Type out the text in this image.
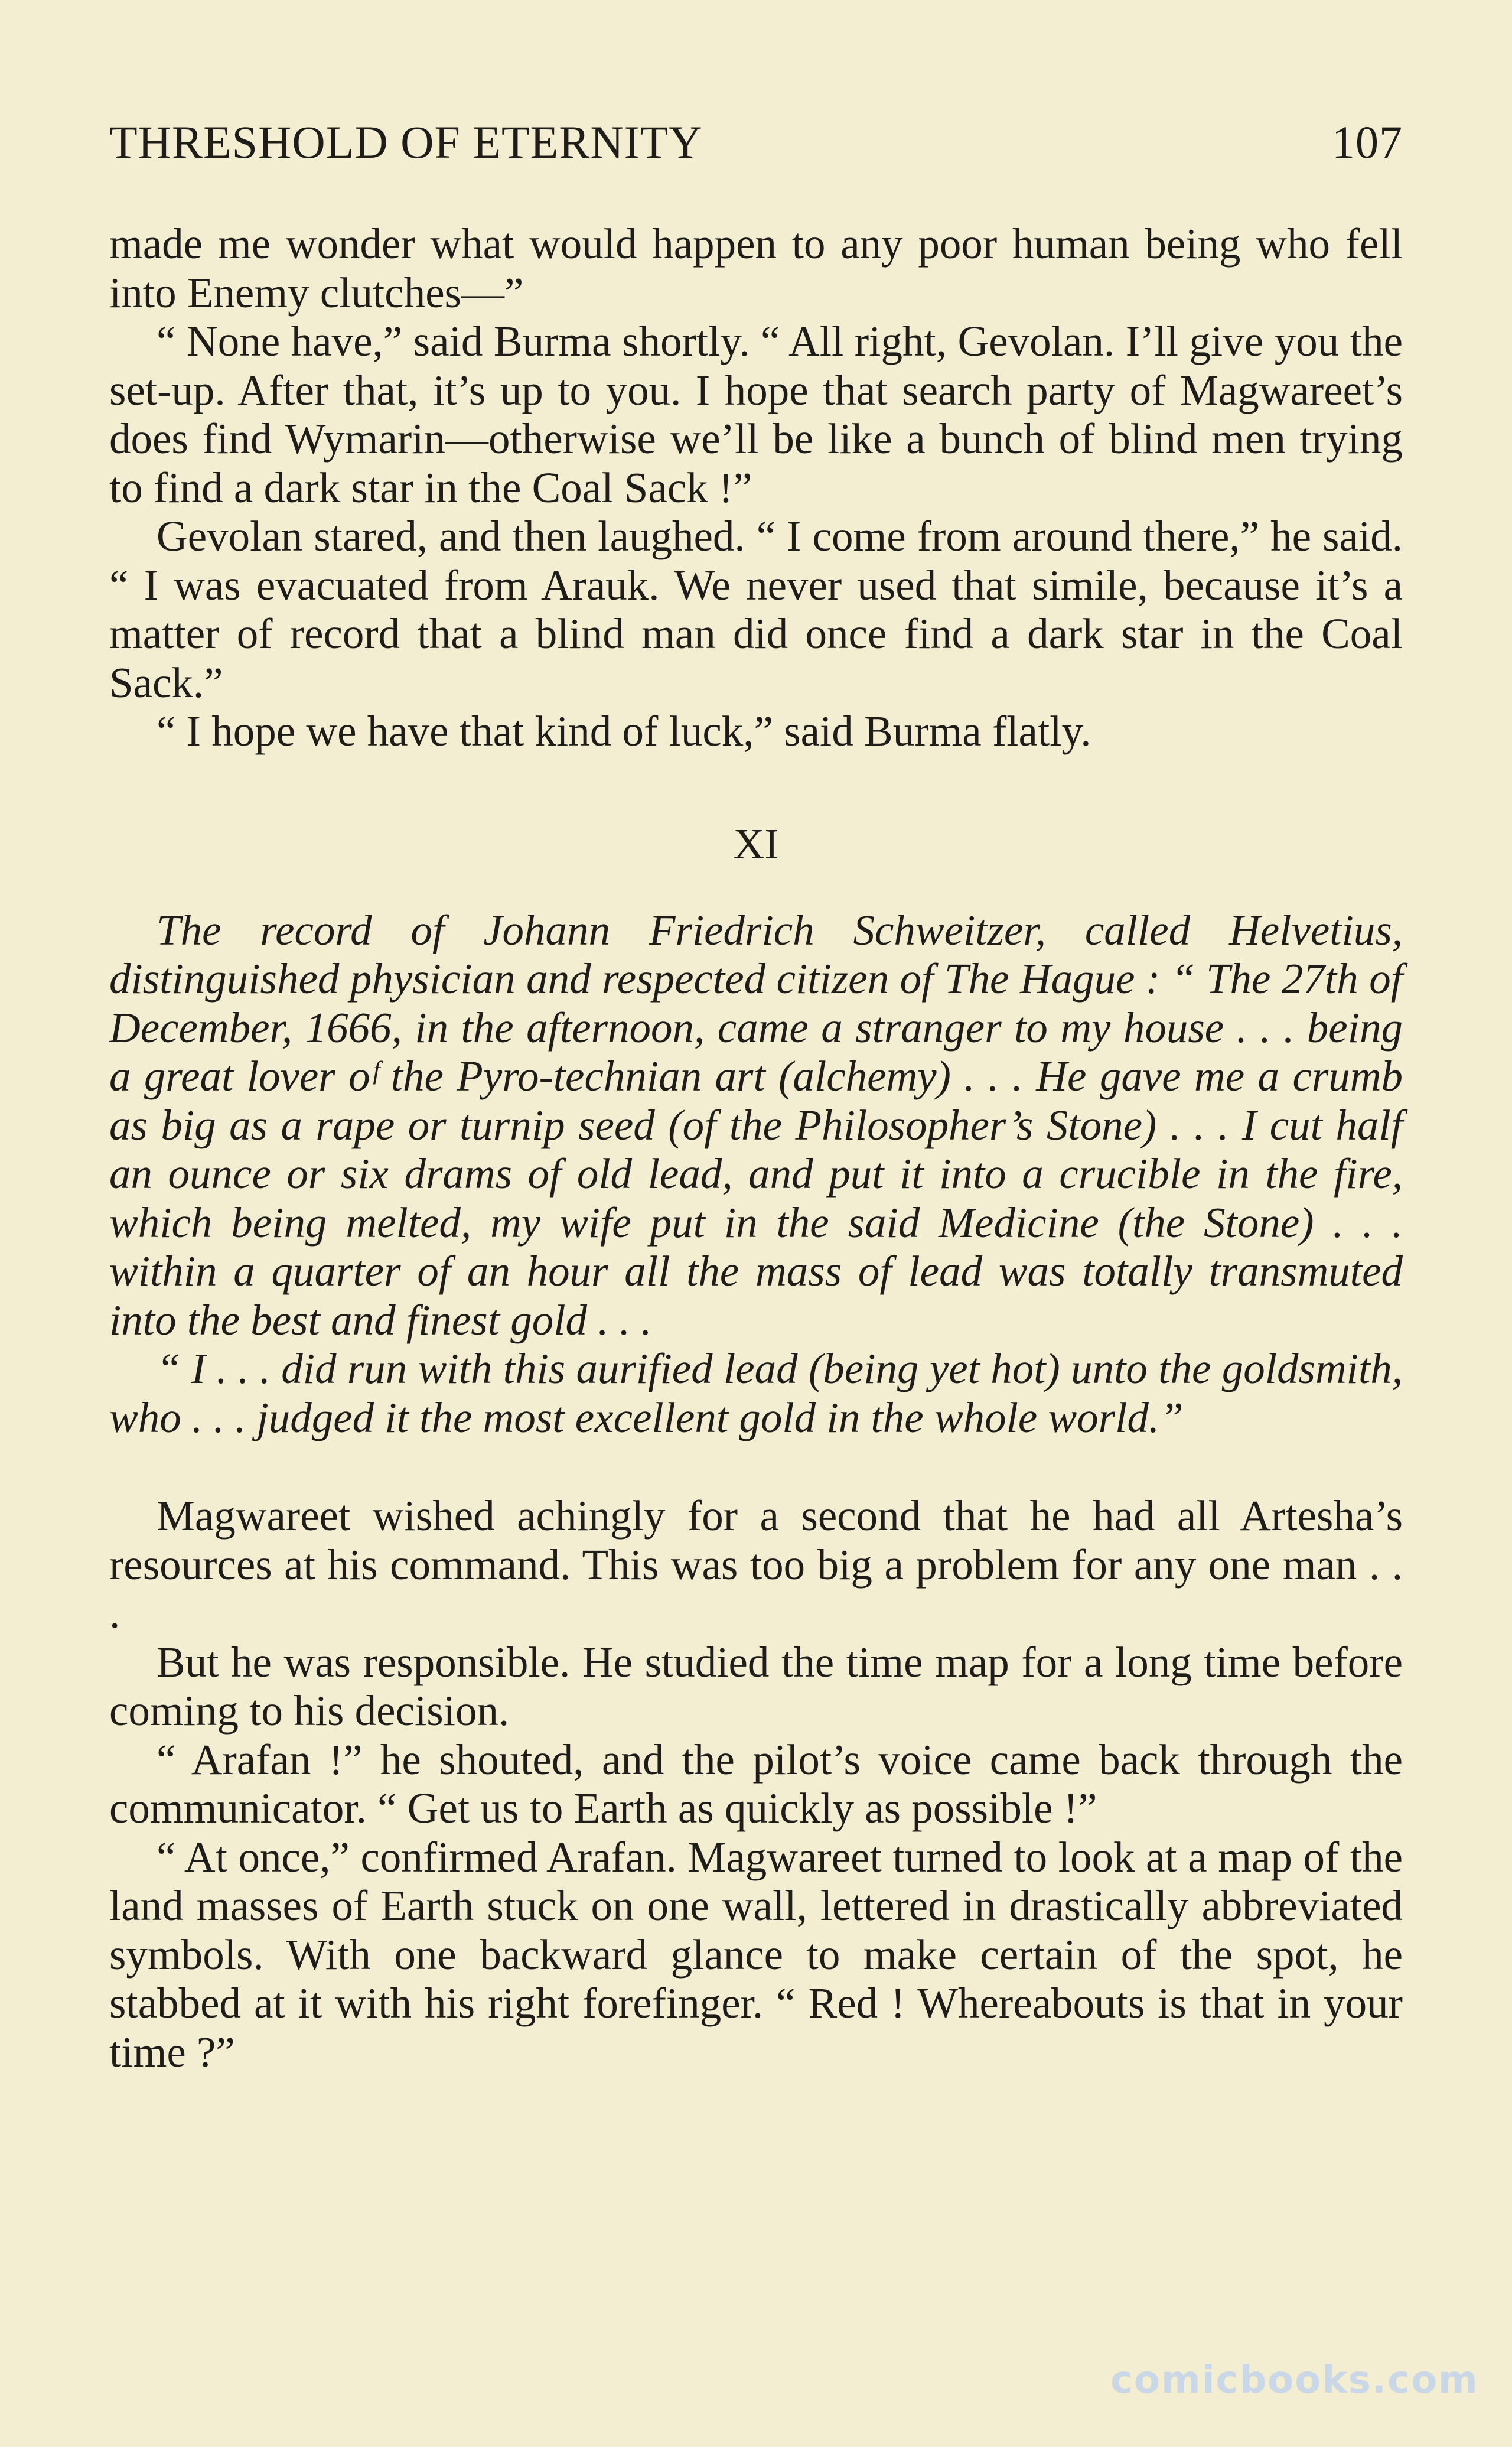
THRESHOLD OF ETERNITY	107

made me wonder what would happen to any poor human being who fell into Enemy clutches—”

“ None have,” said Burma shortly. “ All right, Gevolan. I’ll give you the set-up. After that, it’s up to you. I hope that search party of Magwareet’s does find Wymarin—otherwise we’ll be like a bunch of blind men trying to find a dark star in the Coal Sack !”

Gevolan stared, and then laughed. “ I come from around there,” he said. “ I was evacuated from Arauk. We never used that simile, because it’s a matter of record that a blind man did once find a dark star in the Coal Sack.”

“ I hope we have that kind of luck,” said Burma flatly.

XI

The record of Johann Friedrich Schweitzer, called Helvetius, distinguished physician and respected citizen of The Hague : “ The 27th of December, 1666, in the afternoon, came a stranger to my house . . . being a great lover oᶠ the Pyro-technian art (alchemy) . . . He gave me a crumb as big as a rape or turnip seed (of the Philosopher’s Stone) . . . I cut half an ounce or six drams of old lead, and put it into a crucible in the fire, which being melted, my wife put in the said Medicine (the Stone) . . . within a quarter of an hour all the mass of lead was totally transmuted into the best and finest gold . . .

“ I . . . did run with this aurified lead (being yet hot) unto the goldsmith, who . . . judged it the most excellent gold in the whole world.”

Magwareet wished achingly for a second that he had all Artesha’s resources at his command. This was too big a problem for any one man . . .

But he was responsible. He studied the time map for a long time before coming to his decision.

“ Arafan !” he shouted, and the pilot’s voice came back through the communicator. “ Get us to Earth as quickly as possible !”

“ At once,” confirmed Arafan. Magwareet turned to look at a map of the land masses of Earth stuck on one wall, lettered in drastically abbreviated symbols. With one backward glance to make certain of the spot, he stabbed at it with his right forefinger. “ Red ! Whereabouts is that in your time ?”

comicbooks.com
